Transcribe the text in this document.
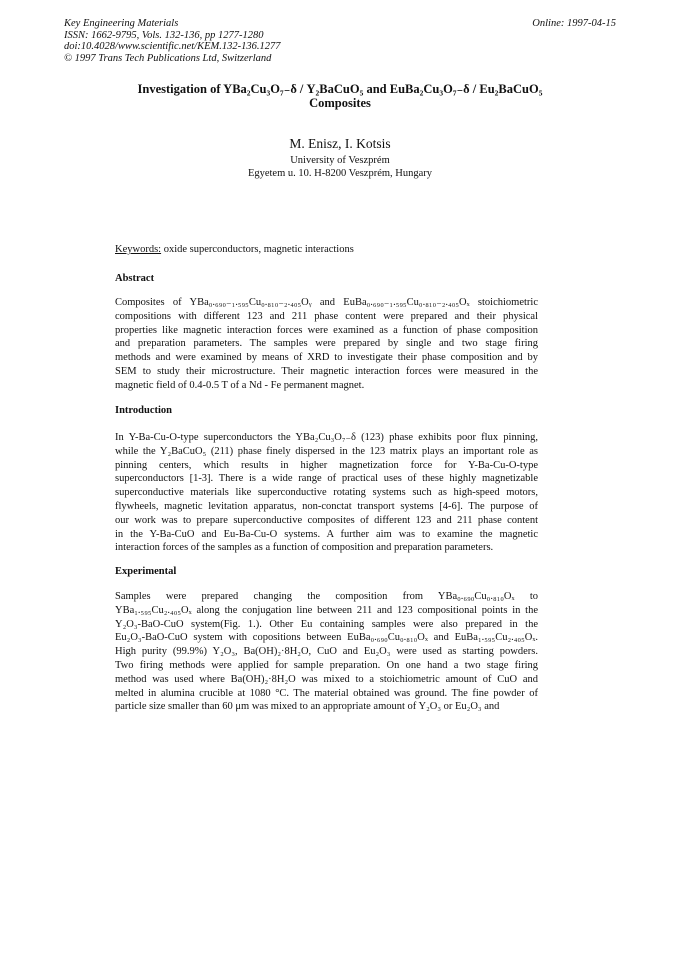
Key Engineering Materials
ISSN: 1662-9795, Vols. 132-136, pp 1277-1280
doi:10.4028/www.scientific.net/KEM.132-136.1277
© 1997 Trans Tech Publications Ltd, Switzerland
Online: 1997-04-15
Investigation of YBa₂Cu₃O₇₋δ / Y₂BaCuO₅ and EuBa₂Cu₃O₇₋δ / Eu₂BaCuO₅
Composites
M. Enisz, I. Kotsis
University of Veszprém
Egyetem u. 10. H-8200 Veszprém, Hungary
Keywords: oxide superconductors, magnetic interactions
Abstract
Composites of YBa₀.₆₉₀₋₁.₅₉₅Cu₀.₈₁₀₋₂.₄₀₅Oᵧ and EuBa₀.₆₉₀₋₁.₅₉₅Cu₀.₈₁₀₋₂.₄₀₅Oₓ stoichiometric
compositions with different 123 and 211 phase content were prepared and their physical
properties like magnetic interaction forces were examined as a function of phase composition
and preparation parameters. The samples were prepared by single and two stage firing
methods and were examined by means of XRD to investigate their phase composition and by
SEM to study their microstructure. Their magnetic interaction forces were measured in the
magnetic field of 0.4-0.5 T of a Nd - Fe permanent magnet.
Introduction
In Y-Ba-Cu-O-type superconductors the YBa₂Cu₃O₇₋δ (123) phase exhibits poor flux pinning,
while the Y₂BaCuO₅ (211) phase finely dispersed in the 123 matrix plays an important role as
pinning centers, which results in higher magnetization force for Y-Ba-Cu-O-type
superconductors [1-3]. There is a wide range of practical uses of these highly magnetizable
superconductive materials like superconductive rotating systems such as high-speed motors,
flywheels, magnetic levitation apparatus, non-conctat transport systems [4-6]. The purpose of
our work was to prepare superconductive composites of different 123 and 211 phase content
in the Y-Ba-CuO and Eu-Ba-Cu-O systems. A further aim was to examine the magnetic
interaction forces of the samples as a function of composition and preparation parameters.
Experimental
Samples were prepared changing the composition from YBa₀.₆₉₀Cu₀.₈₁₀Oₓ to
YBa₁.₅₉₅Cu₂.₄₀₅Oₓ along the conjugation line between 211 and 123 compositional points in the
Y₂O₃-BaO-CuO system(Fig. 1.). Other Eu containing samples were also prepared in the
Eu₂O₃-BaO-CuO system with copositions between EuBa₀.₆₉₀Cu₀.₈₁₀Oₓ and EuBa₁.₅₉₅Cu₂.₄₀₅Oₓ.
High purity (99.9%) Y₂O₃, Ba(OH)₂·8H₂O, CuO and Eu₂O₃ were used as starting powders.
Two firing methods were applied for sample preparation. On one hand a two stage firing
method was used where Ba(OH)₂·8H₂O was mixed to a stoichiometric amount of CuO and
melted in alumina crucible at 1080 °C. The material obtained was ground. The fine powder of
particle size smaller than 60 μm was mixed to an appropriate amount of Y₂O₃ or Eu₂O₃ and
